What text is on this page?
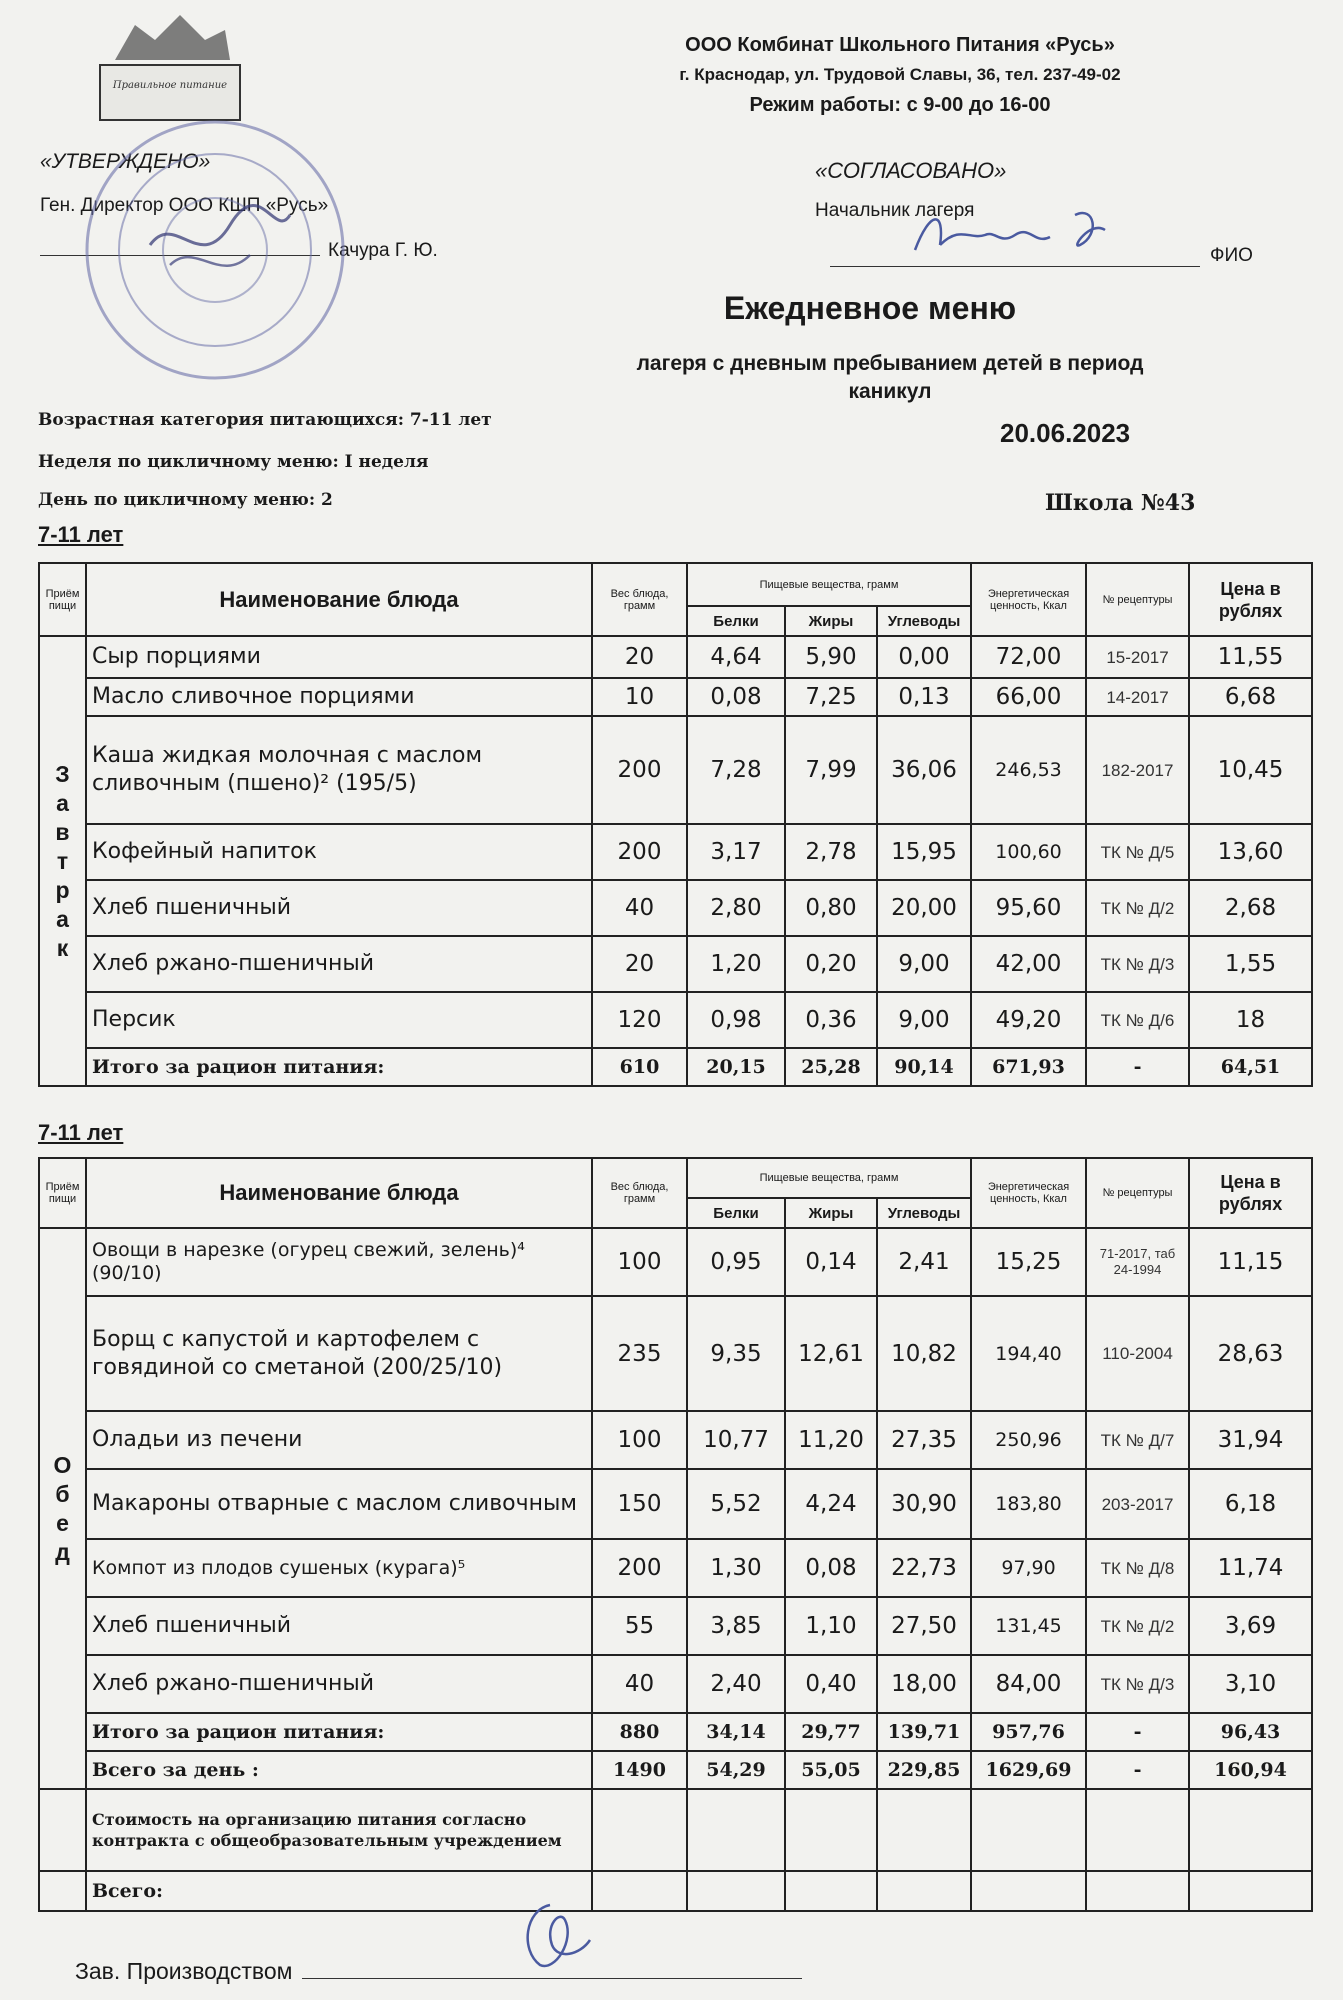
ООО Комбинат Школьного Питания «Русь»
г. Краснодар, ул. Трудовой Славы, 36, тел. 237-49-02
Режим работы: с 9-00 до 16-00
Правильное питание
«УТВЕРЖДЕНО»
Ген. Директор ООО КШП «Русь»
Качура Г. Ю.
«СОГЛАСОВАНО»
Начальник лагеря
ФИО
Ежедневное меню
лагеря с дневным пребыванием детей в период каникул
20.06.2023
Возрастная категория питающихся: 7-11 лет
Неделя по цикличному меню: I неделя
День по цикличному меню: 2	Школа №43
7-11 лет
Приём пищи	Наименование блюда	Вес блюда, грамм	Пищевые вещества, грамм			Энергетическая ценность, Ккал	№ рецептуры	Цена в рублях
			Белки	Жиры	Углеводы			

З а в т р а к	Сыр порциями	20	4,64	5,90	0,00	72,00	15-2017	11,55
	Масло сливочное порциями	10	0,08	7,25	0,13	66,00	14-2017	6,68
	Каша жидкая молочная с маслом сливочным (пшено)² (195/5)	200	7,28	7,99	36,06	246,53	182-2017	10,45
	Кофейный напиток	200	3,17	2,78	15,95	100,60	ТК № Д/5	13,60
	Хлеб пшеничный	40	2,80	0,80	20,00	95,60	ТК № Д/2	2,68
	Хлеб ржано-пшеничный	20	1,20	0,20	9,00	42,00	ТК № Д/3	1,55
	Персик	120	0,98	0,36	9,00	49,20	ТК № Д/6	18
	Итого за рацион питания:	610	20,15	25,28	90,14	671,93	-	64,51
7-11 лет
Приём пищи	Наименование блюда	Вес блюда, грамм	Пищевые вещества, грамм			Энергетическая ценность, Ккал	№ рецептуры	Цена в рублях
			Белки	Жиры	Углеводы			

О б е д	Овощи в нарезке (огурец свежий, зелень)⁴ (90/10)	100	0,95	0,14	2,41	15,25	71-2017, таб 24-1994	11,15
	Борщ с капустой и картофелем с говядиной со сметаной (200/25/10)	235	9,35	12,61	10,82	194,40	110-2004	28,63
	Оладьи из печени	100	10,77	11,20	27,35	250,96	ТК № Д/7	31,94
	Макароны отварные с маслом сливочным	150	5,52	4,24	30,90	183,80	203-2017	6,18
	Компот из плодов сушеных (курага)⁵	200	1,30	0,08	22,73	97,90	ТК № Д/8	11,74
	Хлеб пшеничный	55	3,85	1,10	27,50	131,45	ТК № Д/2	3,69
	Хлеб ржано-пшеничный	40	2,40	0,40	18,00	84,00	ТК № Д/3	3,10
	Итого за рацион питания:	880	34,14	29,77	139,71	957,76	-	96,43
	Всего за день :	1490	54,29	55,05	229,85	1629,69	-	160,94
	Стоимость на организацию питания согласно контракта с общеобразовательным учреждением							
	Всего:							
Зав. Производством
